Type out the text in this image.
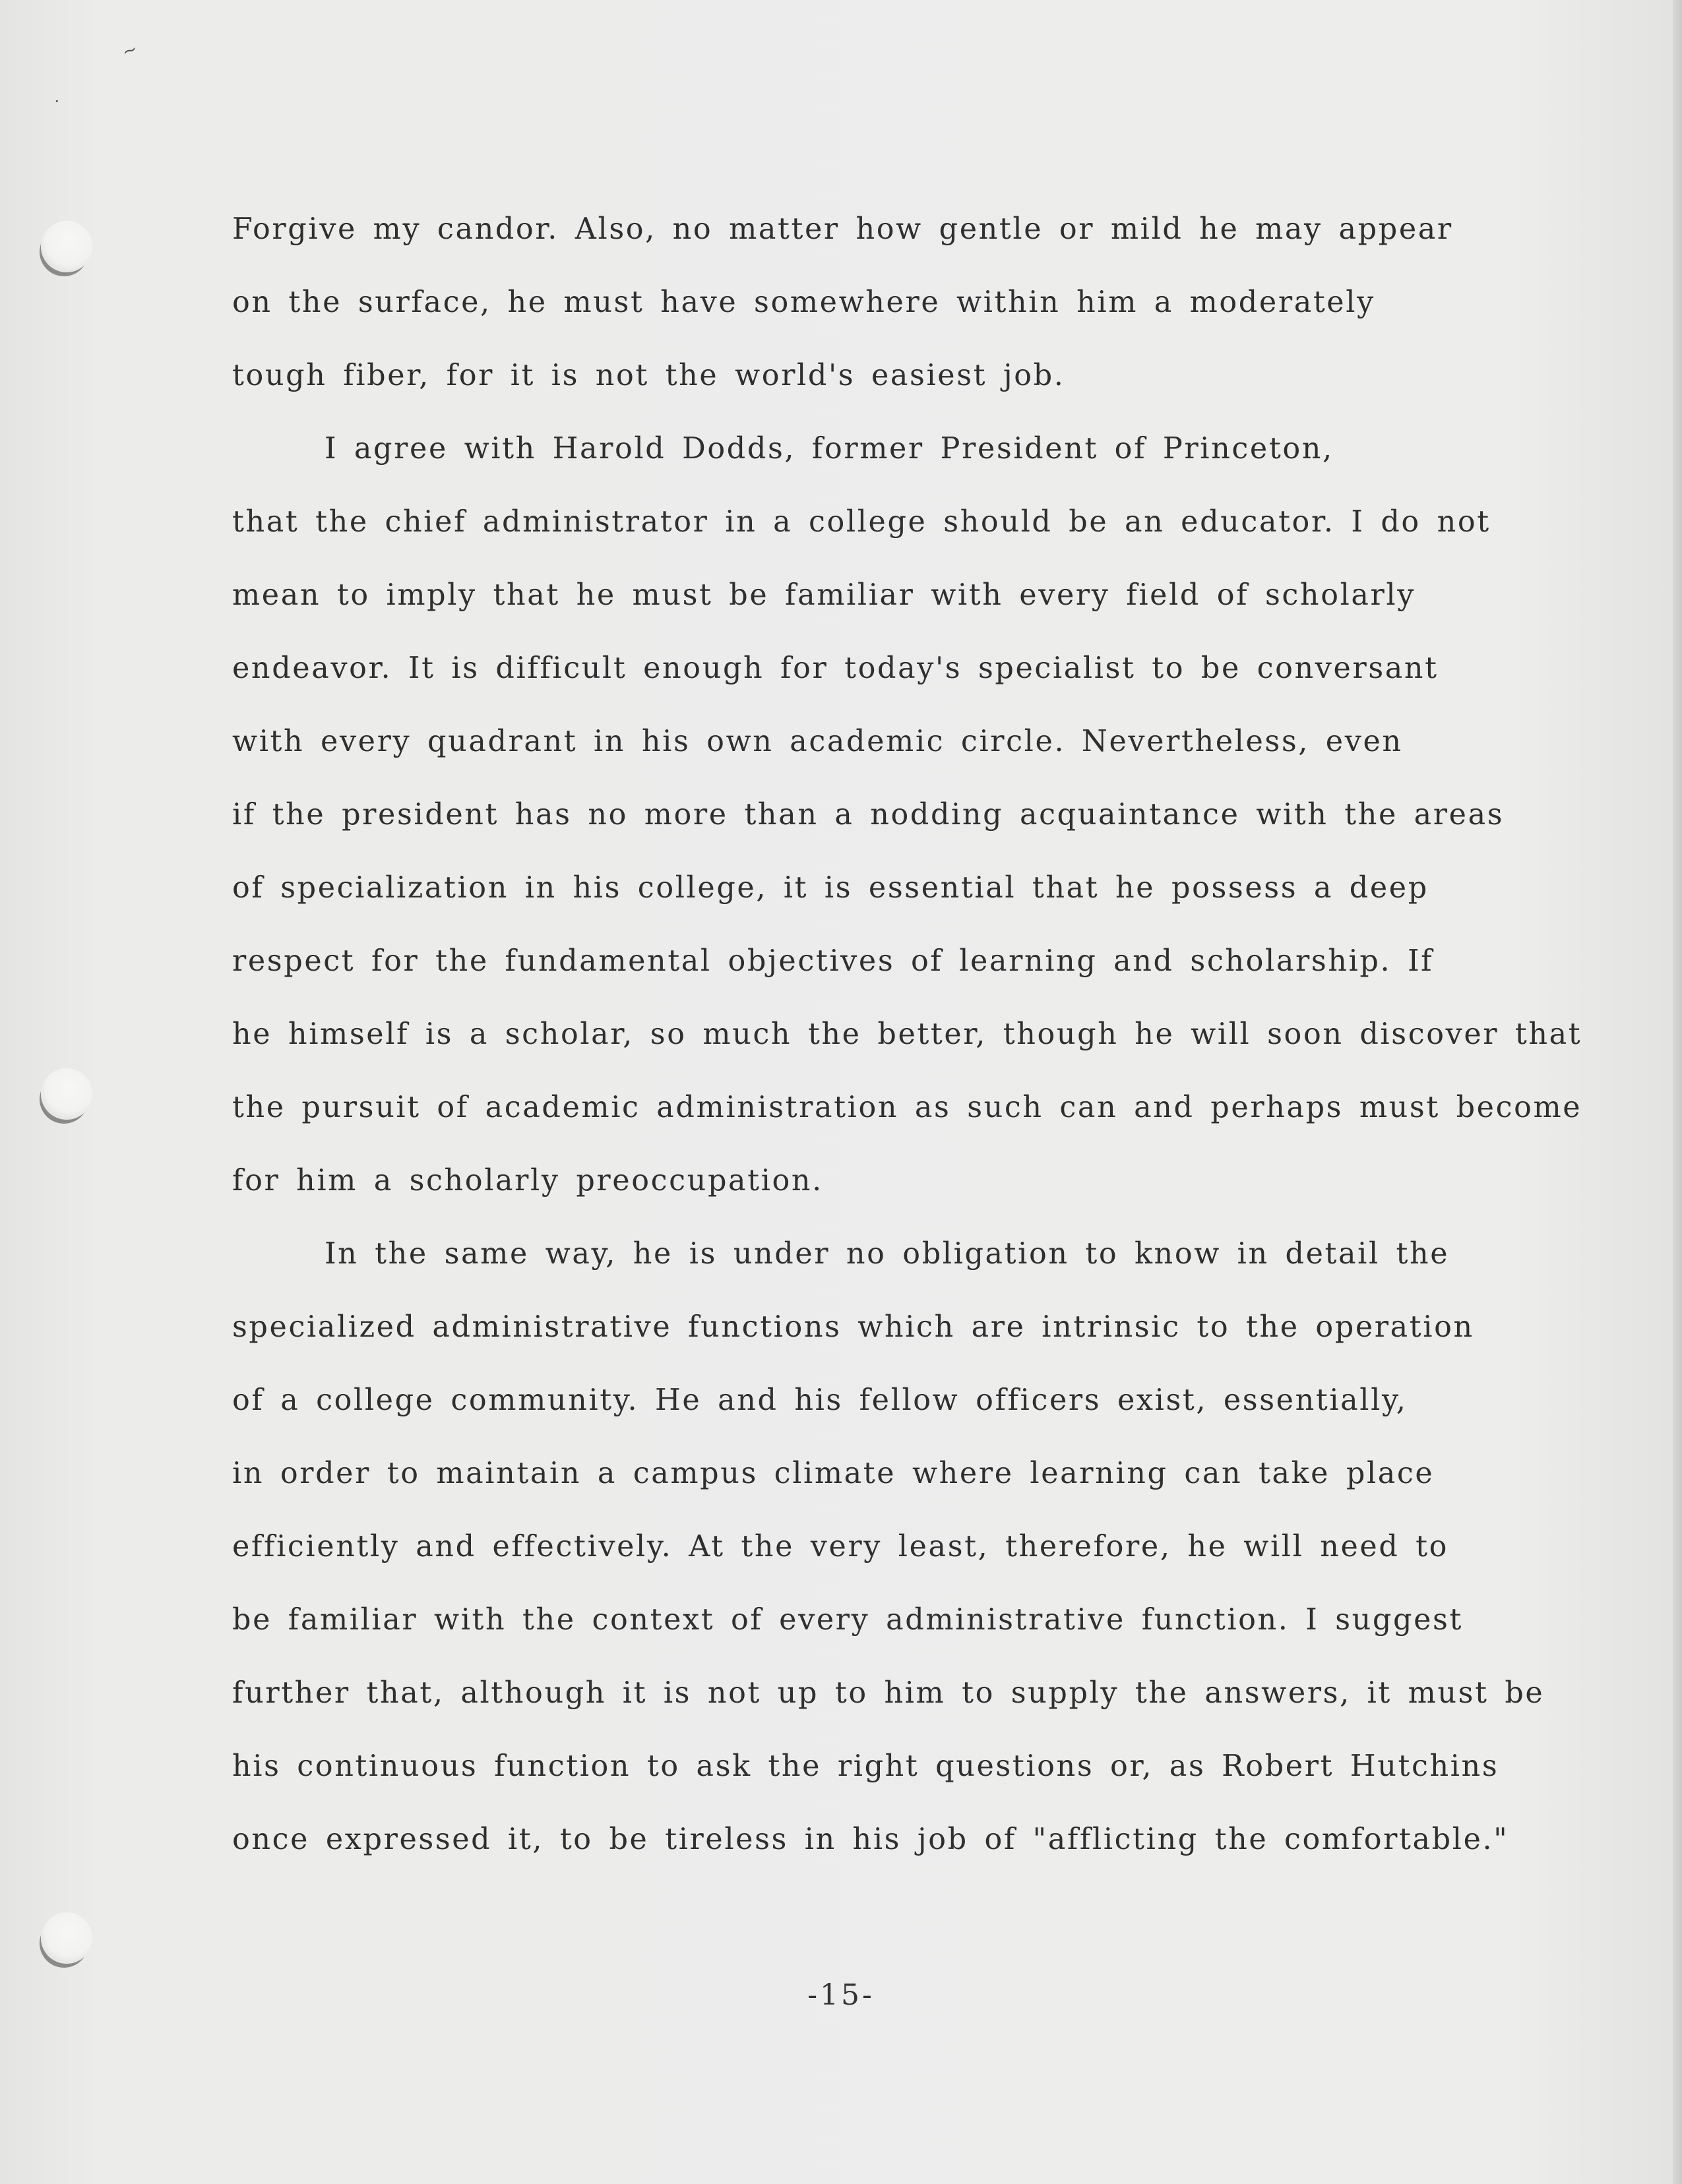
~
·
Forgive my candor. Also, no matter how gentle or mild he may appear
on the surface, he must have somewhere within him a moderately
tough fiber, for it is not the world's easiest job.
I agree with Harold Dodds, former President of Princeton,
that the chief administrator in a college should be an educator. I do not
mean to imply that he must be familiar with every field of scholarly
endeavor. It is difficult enough for today's specialist to be conversant
with every quadrant in his own academic circle. Nevertheless, even
if the president has no more than a nodding acquaintance with the areas
of specialization in his college, it is essential that he possess a deep
respect for the fundamental objectives of learning and scholarship. If
he himself is a scholar, so much the better, though he will soon discover that
the pursuit of academic administration as such can and perhaps must become
for him a scholarly preoccupation.
In the same way, he is under no obligation to know in detail the
specialized administrative functions which are intrinsic to the operation
of a college community. He and his fellow officers exist, essentially,
in order to maintain a campus climate where learning can take place
efficiently and effectively. At the very least, therefore, he will need to
be familiar with the context of every administrative function. I suggest
further that, although it is not up to him to supply the answers, it must be
his continuous function to ask the right questions or, as Robert Hutchins
once expressed it, to be tireless in his job of "afflicting the comfortable."
-15-
